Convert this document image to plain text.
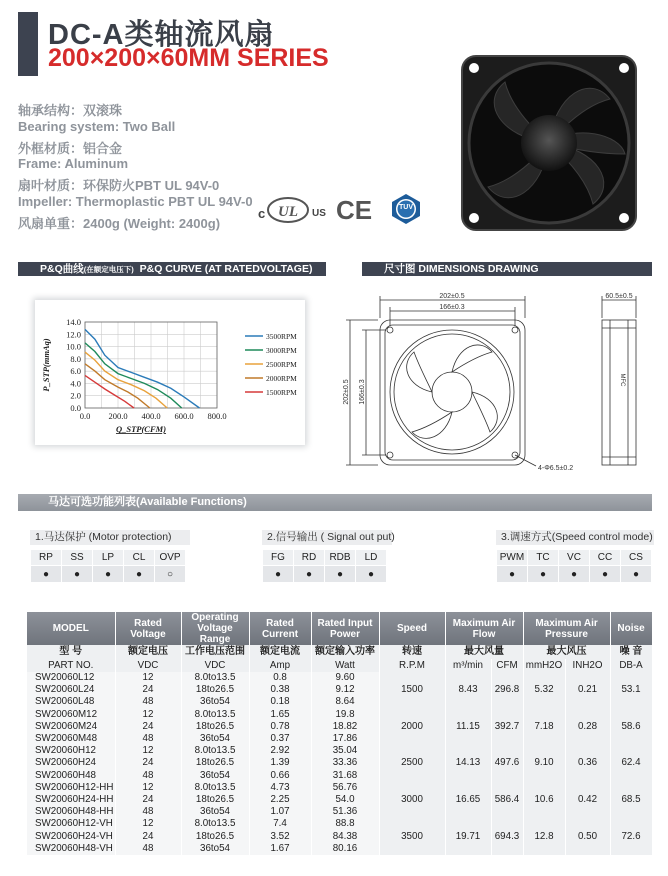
DC-A类轴流风扇
200×200×60MM SERIES
轴承结构：双滚珠
Bearing system: Two Ball
外框材质：铝合金
Frame: Aluminum
扇叶材质：环保防火PBT UL 94V-0
Impeller: Thermoplastic PBT UL 94V-0
风扇单重：2400g (Weight: 2400g)
c UL US CE	TUV
P&Q曲线(在额定电压下) P&Q CURVE (AT RATEDVOLTAGE)	尺寸图 DIMENSIONS DRAWING
0.0
2.0
4.0
6.0
8.0
10.0
12.0
14.0
0.0 200.0 400.0 600.0 800.0
Q_STP(CFM)
P_STP(mmAq)
3500RPM
3000RPM
2500RPM
2000RPM
1500RPM
202±0.5
166±0.3
202±0.5 166±0.3
60.5±0.5
4-Φ6.5±0.2
MFC
马达可选功能列表(Available Functions)
1.马达保护 (Motor protection)
RP	SS	LP	CL	OVP
●	●	●	●	○
2.信号输出 ( Signal out put)
FG	RD	RDB	LD
●	●	●	●
3.调速方式(Speed control mode)
PWM	TC	VC	CC	CS
●	●	●	●	●
MODEL	Rated Voltage	Operating Voltage Range	Rated Current	Rated Input Power	Speed	Maximum Air Flow		Maximum Air Pressure		Noise
型 号	额定电压	工作电压范围	额定电流	额定输入功率	转速	最大风量		最大风压		噪 音
PART NO.	VDC	VDC	Amp	Watt	R.P.M	m³/min	CFM	mmH2O	INH2O	DB-A
SW20060L12	12	8.0to13.5	0.8	9.60	1500	8.43	296.8	5.32	0.21	53.1
SW20060L24	24	18to26.5	0.38	9.12						
SW20060L48	48	36to54	0.18	8.64						
SW20060M12	12	8.0to13.5	1.65	19.8	2000	11.15	392.7	7.18	0.28	58.6
SW20060M24	24	18to26.5	0.78	18.82						
SW20060M48	48	36to54	0.37	17.86						
SW20060H12	12	8.0to13.5	2.92	35.04	2500	14.13	497.6	9.10	0.36	62.4
SW20060H24	24	18to26.5	1.39	33.36						
SW20060H48	48	36to54	0.66	31.68						
SW20060H12-HH	12	8.0to13.5	4.73	56.76	3000	16.65	586.4	10.6	0.42	68.5
SW20060H24-HH	24	18to26.5	2.25	54.0						
SW20060H48-HH	48	36to54	1.07	51.36						
SW20060H12-VH	12	8.0to13.5	7.4	88.8	3500	19.71	694.3	12.8	0.50	72.6
SW20060H24-VH	24	18to26.5	3.52	84.38						
SW20060H48-VH	48	36to54	1.67	80.16						
